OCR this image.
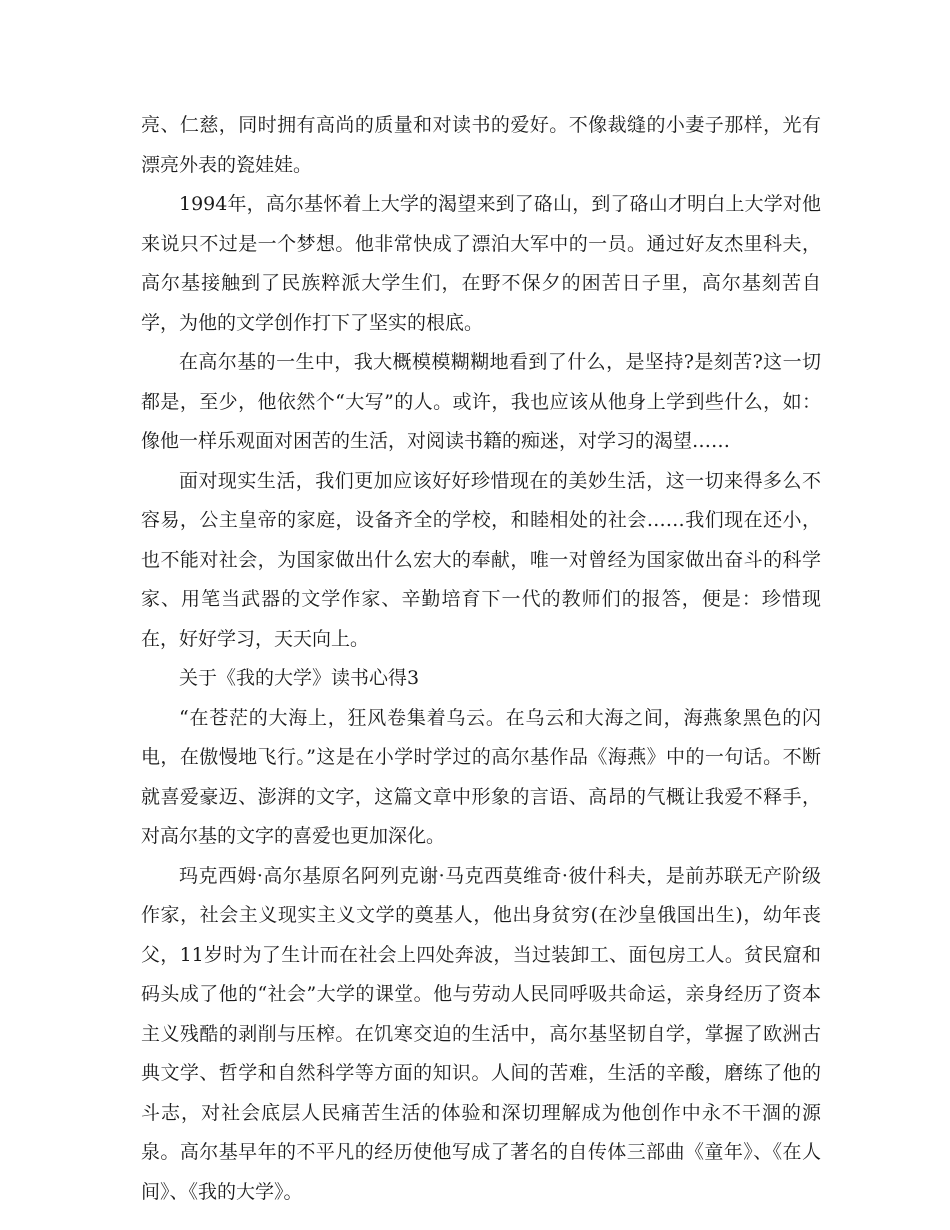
亮、仁慈，同时拥有高尚的质量和对读书的爱好。不像裁缝的小妻子那样，光有漂亮外表的瓷娃娃。

1994年，高尔基怀着上大学的渴望来到了硌山，到了硌山才明白上大学对他来说只不过是一个梦想。他非常快成了漂泊大军中的一员。通过好友杰里科夫，高尔基接触到了民族粹派大学生们，在野不保夕的困苦日子里，高尔基刻苦自学，为他的文学创作打下了坚实的根底。

在高尔基的一生中，我大概模模糊糊地看到了什么，是坚持?是刻苦?这一切都是，至少，他依然个“大写”的人。或许，我也应该从他身上学到些什么，如：像他一样乐观面对困苦的生活，对阅读书籍的痴迷，对学习的渴望……

面对现实生活，我们更加应该好好珍惜现在的美妙生活，这一切来得多么不容易，公主皇帝的家庭，设备齐全的学校，和睦相处的社会……我们现在还小，也不能对社会，为国家做出什么宏大的奉献，唯一对曾经为国家做出奋斗的科学家、用笔当武器的文学作家、辛勤培育下一代的教师们的报答，便是：珍惜现在，好好学习，天天向上。

关于《我的大学》读书心得3

“在苍茫的大海上，狂风卷集着乌云。在乌云和大海之间，海燕象黑色的闪电，在傲慢地飞行。”这是在小学时学过的高尔基作品《海燕》中的一句话。不断就喜爱豪迈、澎湃的文字，这篇文章中形象的言语、高昂的气概让我爱不释手，对高尔基的文字的喜爱也更加深化。

玛克西姆·高尔基原名阿列克谢·马克西莫维奇·彼什科夫，是前苏联无产阶级作家，社会主义现实主义文学的奠基人，他出身贫穷(在沙皇俄国出生)，幼年丧父，11岁时为了生计而在社会上四处奔波，当过装卸工、面包房工人。贫民窟和码头成了他的“社会”大学的课堂。他与劳动人民同呼吸共命运，亲身经历了资本主义残酷的剥削与压榨。在饥寒交迫的生活中，高尔基坚韧自学，掌握了欧洲古典文学、哲学和自然科学等方面的知识。人间的苦难，生活的辛酸，磨练了他的斗志，对社会底层人民痛苦生活的体验和深切理解成为他创作中永不干涸的源泉。高尔基早年的不平凡的经历使他写成了著名的自传体三部曲《童年》、《在人间》、《我的大学》。
